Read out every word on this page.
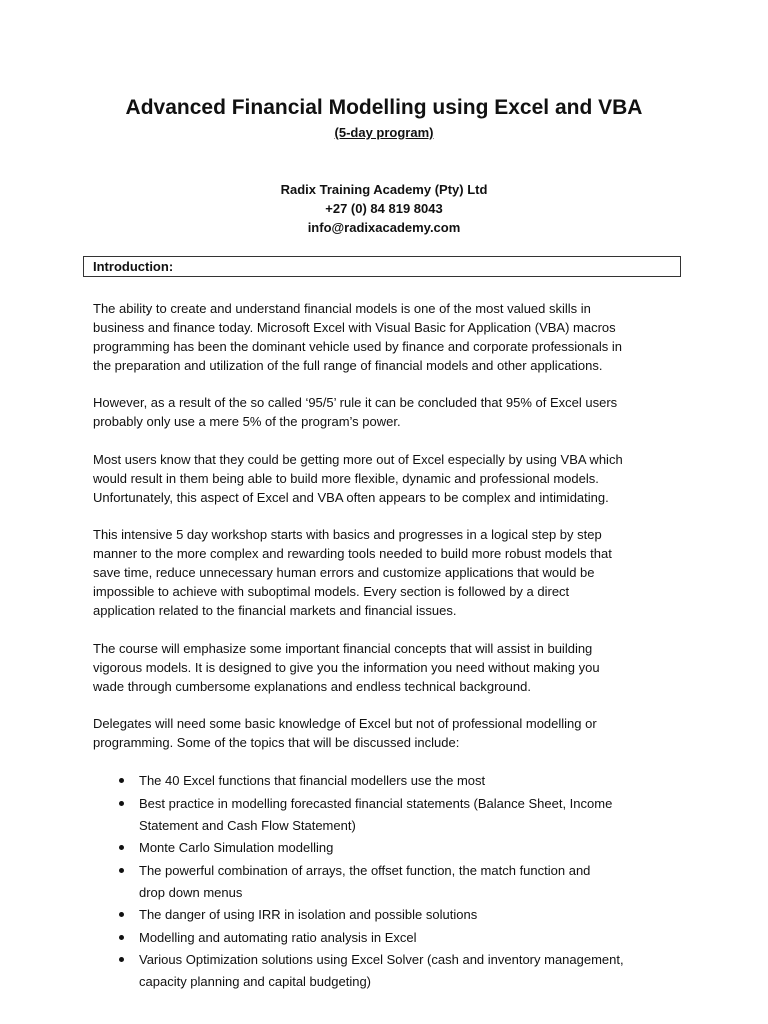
Advanced Financial Modelling using Excel and VBA
(5-day program)
Radix Training Academy (Pty) Ltd
+27 (0) 84 819 8043
info@radixacademy.com
Introduction:
The ability to create and understand financial models is one of the most valued skills in
business and finance today. Microsoft Excel with Visual Basic for Application (VBA) macros
programming has been the dominant vehicle used by finance and corporate professionals in
the preparation and utilization of the full range of financial models and other applications.
However, as a result of the so called ‘95/5’ rule it can be concluded that 95% of Excel users
probably only use a mere 5% of the program’s power.
Most users know that they could be getting more out of Excel especially by using VBA which
would result in them being able to build more flexible, dynamic and professional models.
Unfortunately, this aspect of Excel and VBA often appears to be complex and intimidating.
This intensive 5 day workshop starts with basics and progresses in a logical step by step
manner to the more complex and rewarding tools needed to build more robust models that
save time, reduce unnecessary human errors and customize applications that would be
impossible to achieve with suboptimal models. Every section is followed by a direct
application related to the financial markets and financial issues.
The course will emphasize some important financial concepts that will assist in building
vigorous models. It is designed to give you the information you need without making you
wade through cumbersome explanations and endless technical background.
Delegates will need some basic knowledge of Excel but not of professional modelling or
programming. Some of the topics that will be discussed include:
The 40 Excel functions that financial modellers use the most
Best practice in modelling forecasted financial statements (Balance Sheet, Income
Statement and Cash Flow Statement)
Monte Carlo Simulation modelling
The powerful combination of arrays, the offset function, the match function and
drop down menus
The danger of using IRR in isolation and possible solutions
Modelling and automating ratio analysis in Excel
Various Optimization solutions using Excel Solver (cash and inventory management,
capacity planning and capital budgeting)
